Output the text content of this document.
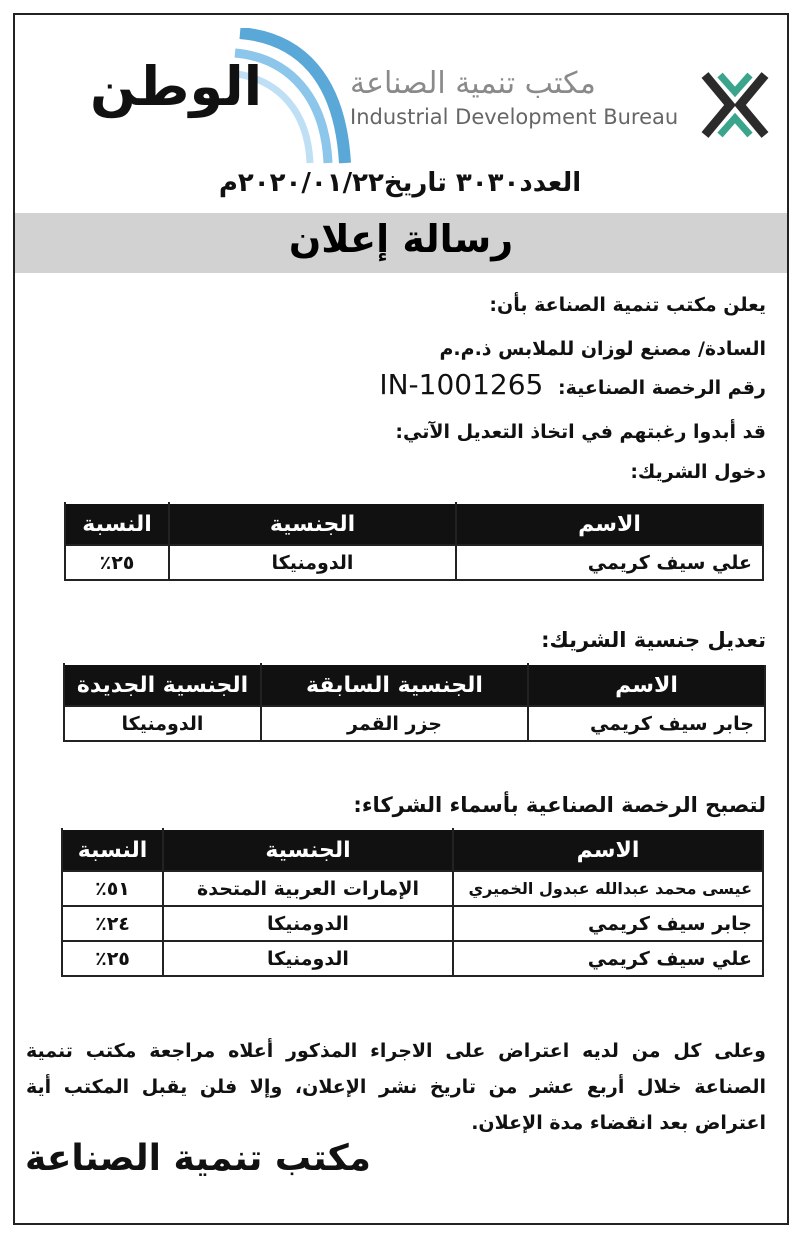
الوطن	مكتب تنمية الصناعة
Industrial Development Bureau
العدد٣٠٣٠ تاريخ٢٠٢٠/٠١/٢٢م
رسالة إعلان
يعلن مكتب تنمية الصناعة بأن:
السادة/ مصنع لوزان للملابس ذ.م.م
رقم الرخصة الصناعية: IN-1001265
قد أبدوا رغبتهم في اتخاذ التعديل الآتي:
دخول الشريك:
الاسم	الجنسية	النسبة
علي سيف كريمي	الدومنيكا	٢٥٪
تعديل جنسية الشريك:
الاسم	الجنسية السابقة	الجنسية الجديدة
جابر سيف كريمي	جزر القمر	الدومنيكا
لتصبح الرخصة الصناعية بأسماء الشركاء:
الاسم	الجنسية	النسبة
عيسى محمد عبدالله عبدول الخميري	الإمارات العربية المتحدة	٥١٪
جابر سيف كريمي	الدومنيكا	٢٤٪
علي سيف كريمي	الدومنيكا	٢٥٪
وعلى كل من لديه اعتراض على الاجراء المذكور أعلاه مراجعة مكتب تنمية الصناعة خلال أربع عشر من تاريخ نشر الإعلان، وإلا فلن يقبل المكتب أية اعتراض بعد انقضاء مدة الإعلان.
مكتب تنمية الصناعة
